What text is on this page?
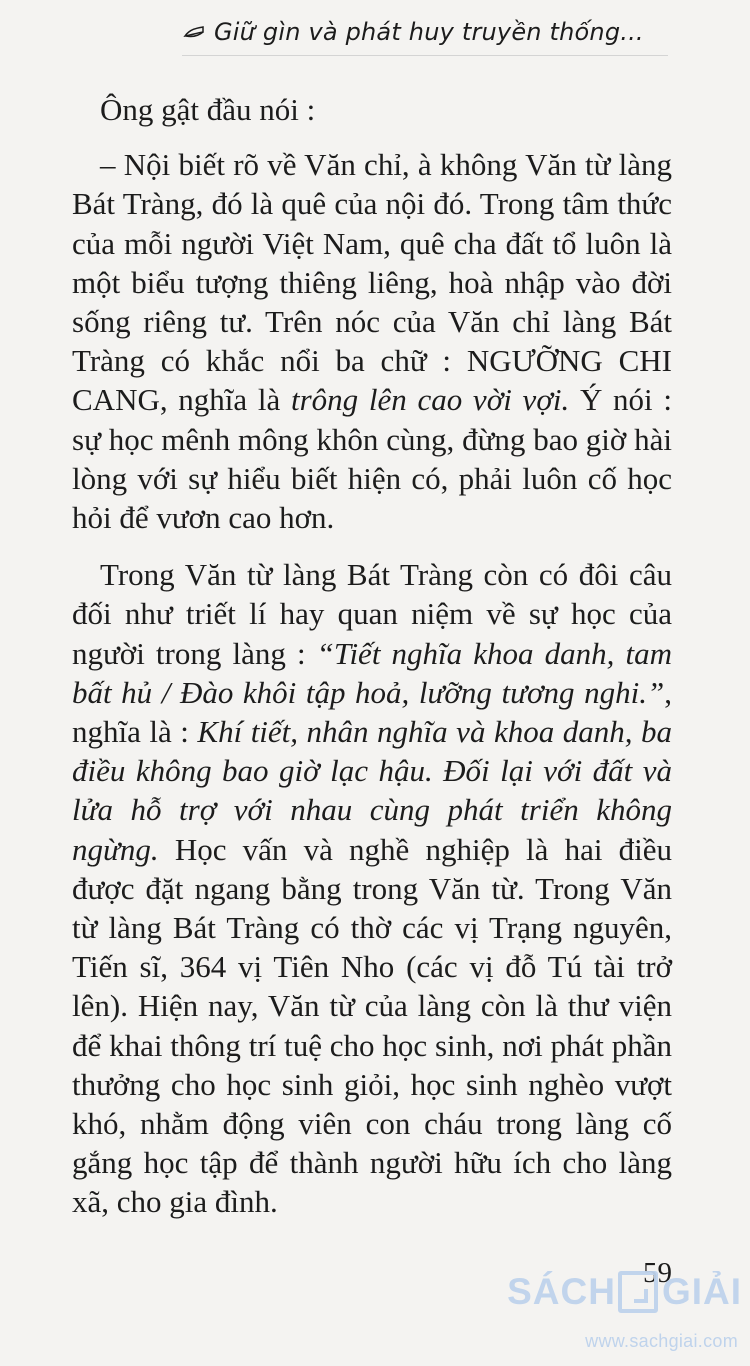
Giữ gìn và phát huy truyền thống...

Ông gật đầu nói :

– Nội biết rõ về Văn chỉ, à không Văn từ làng Bát Tràng, đó là quê của nội đó. Trong tâm thức của mỗi người Việt Nam, quê cha đất tổ luôn là một biểu tượng thiêng liêng, hoà nhập vào đời sống riêng tư. Trên nóc của Văn chỉ làng Bát Tràng có khắc nổi ba chữ : NGƯỠNG CHI CANG, nghĩa là trông lên cao vời vợi. Ý nói : sự học mênh mông khôn cùng, đừng bao giờ hài lòng với sự hiểu biết hiện có, phải luôn cố học hỏi để vươn cao hơn.

Trong Văn từ làng Bát Tràng còn có đôi câu đối như triết lí hay quan niệm về sự học của người trong làng : “Tiết nghĩa khoa danh, tam bất hủ / Đào khôi tập hoả, lưỡng tương nghi.”, nghĩa là : Khí tiết, nhân nghĩa và khoa danh, ba điều không bao giờ lạc hậu. Đối lại với đất và lửa hỗ trợ với nhau cùng phát triển không ngừng. Học vấn và nghề nghiệp là hai điều được đặt ngang bằng trong Văn từ. Trong Văn từ làng Bát Tràng có thờ các vị Trạng nguyên, Tiến sĩ, 364 vị Tiên Nho (các vị đỗ Tú tài trở lên). Hiện nay, Văn từ của làng còn là thư viện để khai thông trí tuệ cho học sinh, nơi phát phần thưởng cho học sinh giỏi, học sinh nghèo vượt khó, nhằm động viên con cháu trong làng cố gắng học tập để thành người hữu ích cho làng xã, cho gia đình.

59
SÁCH GIẢI
www.sachgiai.com
